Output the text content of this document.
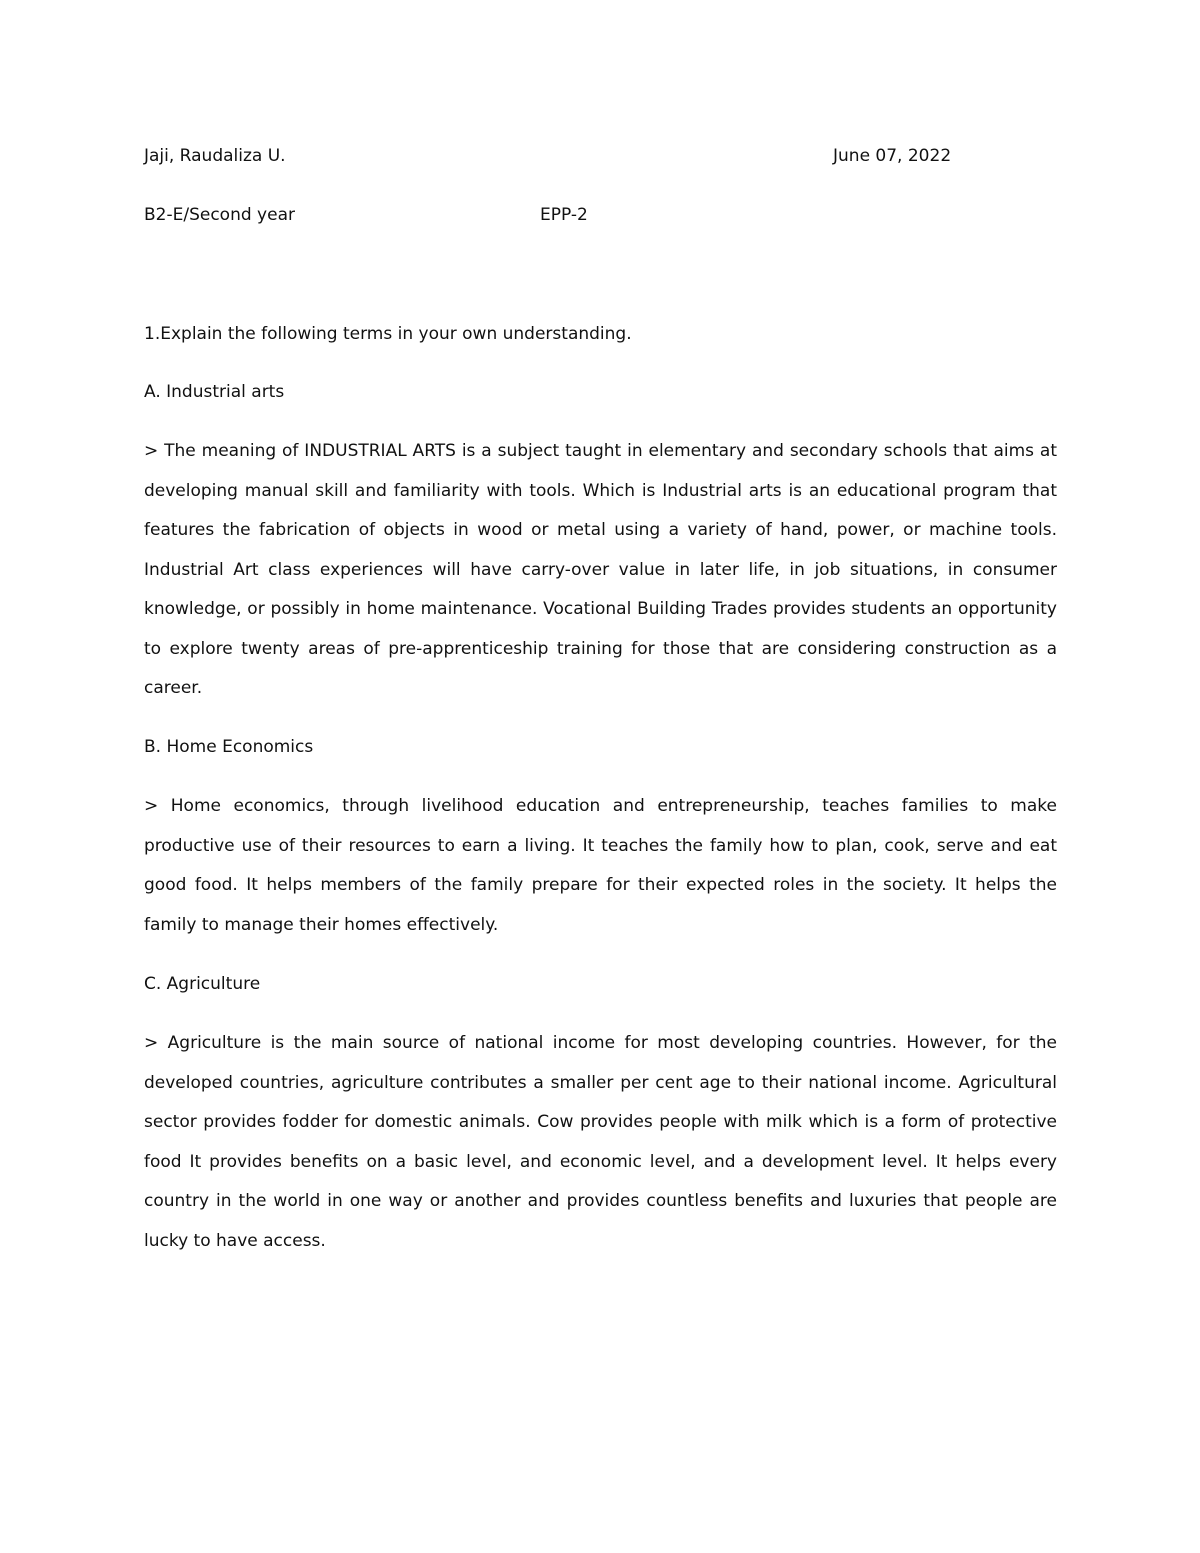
Jaji, Raudaliza U.	June 07, 2022
B2-E/Second year	EPP-2
1.Explain the following terms in your own understanding.
A. Industrial arts

> The meaning of INDUSTRIAL ARTS is a subject taught in elementary and secondary schools that aims at developing manual skill and familiarity with tools. Which is Industrial arts is an educational program that features the fabrication of objects in wood or metal using a variety of hand, power, or machine tools. Industrial Art class experiences will have carry-over value in later life, in job situations, in consumer knowledge, or possibly in home maintenance. Vocational Building Trades provides students an opportunity to explore twenty areas of pre-apprenticeship training for those that are considering construction as a career.

B. Home Economics

> Home economics, through livelihood education and entrepreneurship, teaches families to make productive use of their resources to earn a living. It teaches the family how to plan, cook, serve and eat good food. It helps members of the family prepare for their expected roles in the society. It helps the family to manage their homes effectively.

C. Agriculture

> Agriculture is the main source of national income for most developing countries. However, for the developed countries, agriculture contributes a smaller per cent age to their national income. Agricultural sector provides fodder for domestic animals. Cow provides people with milk which is a form of protective food It provides benefits on a basic level, and economic level, and a development level. It helps every country in the world in one way or another and provides countless benefits and luxuries that people are lucky to have access.
